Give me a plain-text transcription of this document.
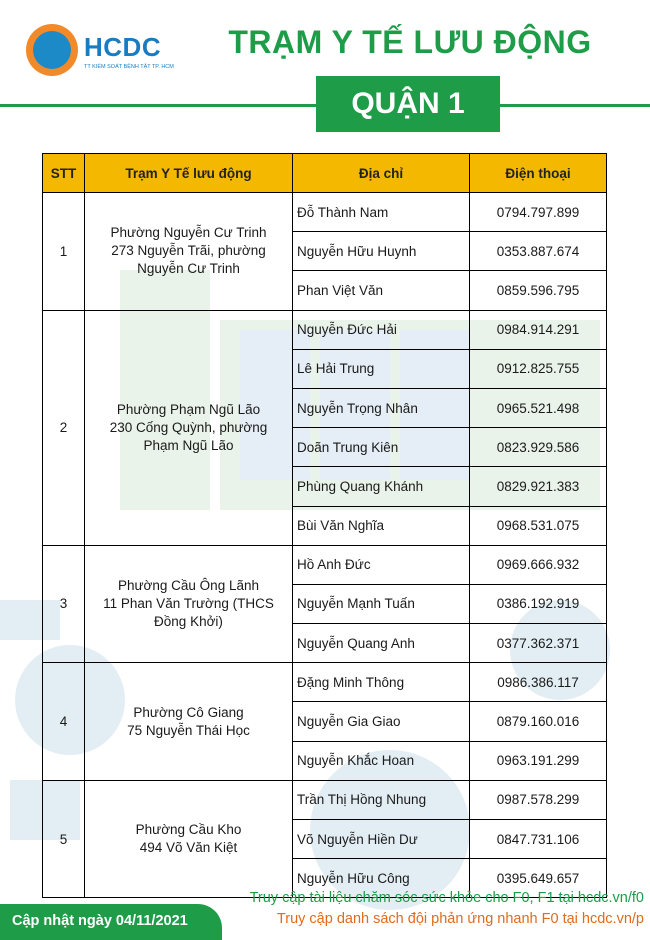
HCDC
TT KIỂM SOÁT BỆNH TẬT TP. HCM
TRẠM Y TẾ LƯU ĐỘNG
QUẬN 1
STT	Trạm Y Tế lưu động	Địa chỉ	Điện thoại
1	Phường Nguyễn Cư Trinh
273 Nguyễn Trãi, phường
Nguyễn Cư Trinh	Đỗ Thành Nam	0794.797.899
		Nguyễn Hữu Huynh	0353.887.674
		Phan Việt Văn	0859.596.795
2	Phường Phạm Ngũ Lão
230 Cống Quỳnh, phường
Phạm Ngũ Lão	Nguyễn Đức Hải	0984.914.291
		Lê Hải Trung	0912.825.755
		Nguyễn Trọng Nhân	0965.521.498
		Doãn Trung Kiên	0823.929.586
		Phùng Quang Khánh	0829.921.383
		Bùi Văn Nghĩa	0968.531.075
3	Phường Cầu Ông Lãnh
11 Phan Văn Trường (THCS
Đồng Khởi)	Hồ Anh Đức	0969.666.932
		Nguyễn Mạnh Tuấn	0386.192.919
		Nguyễn Quang Anh	0377.362.371
4	Phường Cô Giang
75 Nguyễn Thái Học	Đặng Minh Thông	0986.386.117
		Nguyễn Gia Giao	0879.160.016
		Nguyễn Khắc Hoan	0963.191.299
5	Phường Cầu Kho
494 Võ Văn Kiệt	Trần Thị Hồng Nhung	0987.578.299
		Võ Nguyễn Hiền Dư	0847.731.106
		Nguyễn Hữu Công	0395.649.657
Truy cập tài liệu chăm sóc sức khỏe cho F0, F1 tại hcdc.vn/f0
Truy cập danh sách đội phản ứng nhanh F0 tại hcdc.vn/p
Cập nhật ngày 04/11/2021
